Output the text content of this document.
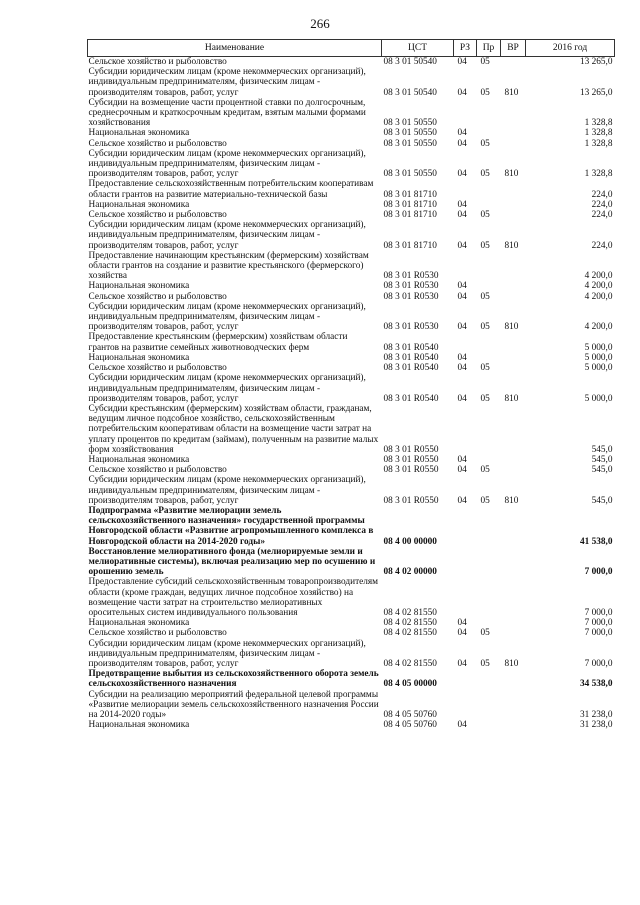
266
Наименование	ЦСТ	РЗ	Пр	ВР	2016 год
Сельское хозяйство и рыболовство	08 3 01 50540	04	05		13 265,0
Субсидии юридическим лицам (кроме некоммерческих организаций), индивидуальным предпринимателям, физическим лицам - производителям товаров, работ, услуг	08 3 01 50540	04	05	810	13 265,0
Субсидии на возмещение части процентной ставки по долгосрочным, среднесрочным и краткосрочным кредитам, взятым малыми формами хозяйствования	08 3 01 50550				1 328,8
Национальная экономика	08 3 01 50550	04			1 328,8
Сельское хозяйство и рыболовство	08 3 01 50550	04	05		1 328,8
Субсидии юридическим лицам (кроме некоммерческих организаций), индивидуальным предпринимателям, физическим лицам - производителям товаров, работ, услуг	08 3 01 50550	04	05	810	1 328,8
Предоставление сельскохозяйственным потребительским кооперативам области грантов на развитие материально-технической базы	08 3 01 81710				224,0
Национальная экономика	08 3 01 81710	04			224,0
Сельское хозяйство и рыболовство	08 3 01 81710	04	05		224,0
Субсидии юридическим лицам (кроме некоммерческих организаций), индивидуальным предпринимателям, физическим лицам - производителям товаров, работ, услуг	08 3 01 81710	04	05	810	224,0
Предоставление начинающим крестьянским (фермерским) хозяйствам области грантов на создание и развитие крестьянского (фермерского) хозяйства	08 3 01 R0530				4 200,0
Национальная экономика	08 3 01 R0530	04			4 200,0
Сельское хозяйство и рыболовство	08 3 01 R0530	04	05		4 200,0
Субсидии юридическим лицам (кроме некоммерческих организаций), индивидуальным предпринимателям, физическим лицам - производителям товаров, работ, услуг	08 3 01 R0530	04	05	810	4 200,0
Предоставление крестьянским (фермерским) хозяйствам области грантов на развитие семейных животноводческих ферм	08 3 01 R0540				5 000,0
Национальная экономика	08 3 01 R0540	04			5 000,0
Сельское хозяйство и рыболовство	08 3 01 R0540	04	05		5 000,0
Субсидии юридическим лицам (кроме некоммерческих организаций), индивидуальным предпринимателям, физическим лицам - производителям товаров, работ, услуг	08 3 01 R0540	04	05	810	5 000,0
Субсидии крестьянским (фермерским) хозяйствам области, гражданам, ведущим личное подсобное хозяйство, сельскохозяйственным потребительским кооперативам области на возмещение части затрат на уплату процентов по кредитам (займам), полученным на развитие малых форм хозяйствования	08 3 01 R0550				545,0
Национальная экономика	08 3 01 R0550	04			545,0
Сельское хозяйство и рыболовство	08 3 01 R0550	04	05		545,0
Субсидии юридическим лицам (кроме некоммерческих организаций), индивидуальным предпринимателям, физическим лицам - производителям товаров, работ, услуг	08 3 01 R0550	04	05	810	545,0
Подпрограмма «Развитие мелиорации земель сельскохозяйственного назначения» государственной программы Новгородской области «Развитие агропромышленного комплекса в Новгородской области на 2014-2020 годы»	08 4 00 00000				41 538,0
Восстановление мелиоративного фонда (мелиорируемые земли и мелиоративные системы), включая реализацию мер по осушению и орошению земель	08 4 02 00000				7 000,0
Предоставление субсидий сельскохозяйственным товаропроизводителям области (кроме граждан, ведущих личное подсобное хозяйство) на возмещение части затрат на строительство мелиоративных оросительных систем индивидуального пользования	08 4 02 81550				7 000,0
Национальная экономика	08 4 02 81550	04			7 000,0
Сельское хозяйство и рыболовство	08 4 02 81550	04	05		7 000,0
Субсидии юридическим лицам (кроме некоммерческих организаций), индивидуальным предпринимателям, физическим лицам - производителям товаров, работ, услуг	08 4 02 81550	04	05	810	7 000,0
Предотвращение выбытия из сельскохозяйственного оборота земель сельскохозяйственного назначения	08 4 05 00000				34 538,0
Субсидии на реализацию мероприятий федеральной целевой программы «Развитие мелиорации земель сельскохозяйственного назначения России на 2014-2020 годы»	08 4 05 50760				31 238,0
Национальная экономика	08 4 05 50760	04			31 238,0
